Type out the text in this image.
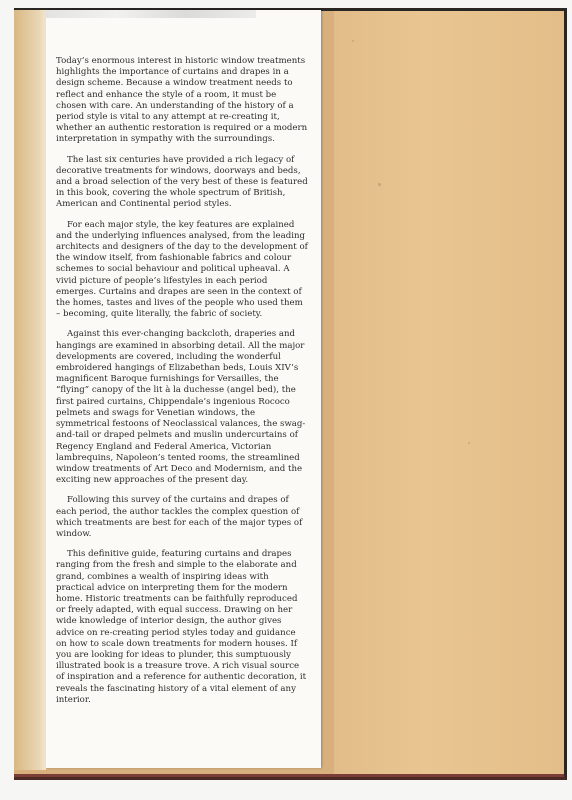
Today’s enormous interest in historic window treatments highlights the importance of curtains and drapes in a design scheme. Because a window treatment needs to reflect and enhance the style of a room, it must be chosen with care. An understanding of the history of a period style is vital to any attempt at re-creating it, whether an authentic restoration is required or a modern interpretation in sympathy with the surroundings.

The last six centuries have provided a rich legacy of decorative treatments for windows, doorways and beds, and a broad selection of the very best of these is featured in this book, covering the whole spectrum of British, American and Continental period styles.

For each major style, the key features are explained and the underlying influences analysed, from the leading architects and designers of the day to the development of the window itself, from fashionable fabrics and colour schemes to social behaviour and political upheaval. A vivid picture of people’s lifestyles in each period emerges. Curtains and drapes are seen in the context of the homes, tastes and lives of the people who used them – becoming, quite literally, the fabric of society.

Against this ever-changing backcloth, draperies and hangings are examined in absorbing detail. All the major developments are covered, including the wonderful embroidered hangings of Elizabethan beds, Louis XIV’s magnificent Baroque furnishings for Versailles, the “flying” canopy of the lit à la duchesse (angel bed), the first paired curtains, Chippendale’s ingenious Rococo pelmets and swags for Venetian windows, the symmetrical festoons of Neoclassical valances, the swag-and-tail or draped pelmets and muslin undercurtains of Regency England and Federal America, Victorian lambrequins, Napoleon’s tented rooms, the streamlined window treatments of Art Deco and Modernism, and the exciting new approaches of the present day.

Following this survey of the curtains and drapes of each period, the author tackles the complex question of which treatments are best for each of the major types of window.

This definitive guide, featuring curtains and drapes ranging from the fresh and simple to the elaborate and grand, combines a wealth of inspiring ideas with practical advice on interpreting them for the modern home. Historic treatments can be faithfully reproduced or freely adapted, with equal success. Drawing on her wide knowledge of interior design, the author gives advice on re-creating period styles today and guidance on how to scale down treatments for modern houses. If you are looking for ideas to plunder, this sumptuously illustrated book is a treasure trove. A rich visual source of inspiration and a reference for authentic decoration, it reveals the fascinating history of a vital element of any interior.
